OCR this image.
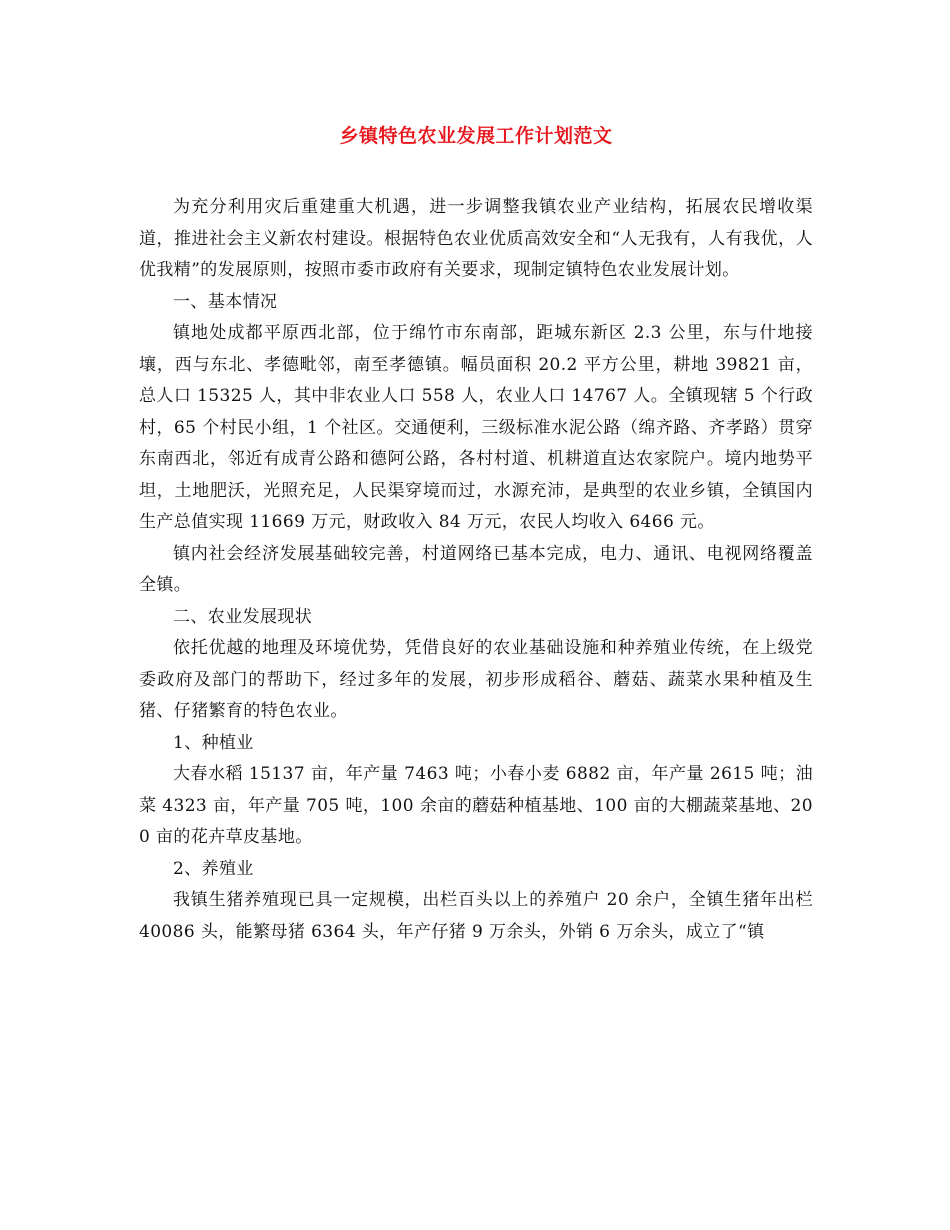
乡镇特色农业发展工作计划范文

为充分利用灾后重建重大机遇，进一步调整我镇农业产业结构，拓展农民增收渠道，推进社会主义新农村建设。根据特色农业优质高效安全和“人无我有，人有我优，人优我精”的发展原则，按照市委市政府有关要求，现制定镇特色农业发展计划。

一、基本情况

镇地处成都平原西北部，位于绵竹市东南部，距城东新区 2.3 公里，东与什地接壤，西与东北、孝德毗邻，南至孝德镇。幅员面积 20.2 平方公里，耕地 39821 亩，总人口 15325 人，其中非农业人口 558 人，农业人口 14767 人。全镇现辖 5 个行政村，65 个村民小组，1 个社区。交通便利，三级标准水泥公路（绵齐路、齐孝路）贯穿东南西北，邻近有成青公路和德阿公路，各村村道、机耕道直达农家院户。境内地势平坦，土地肥沃，光照充足，人民渠穿境而过，水源充沛，是典型的农业乡镇，全镇国内生产总值实现 11669 万元，财政收入 84 万元，农民人均收入 6466 元。

镇内社会经济发展基础较完善，村道网络已基本完成，电力、通讯、电视网络覆盖全镇。

二、农业发展现状

依托优越的地理及环境优势，凭借良好的农业基础设施和种养殖业传统，在上级党委政府及部门的帮助下，经过多年的发展，初步形成稻谷、蘑菇、蔬菜水果种植及生猪、仔猪繁育的特色农业。

1、种植业

大春水稻 15137 亩，年产量 7463 吨；小春小麦 6882 亩，年产量 2615 吨；油菜 4323 亩，年产量 705 吨，100 余亩的蘑菇种植基地、100 亩的大棚蔬菜基地、200 亩的花卉草皮基地。

2、养殖业

我镇生猪养殖现已具一定规模，出栏百头以上的养殖户 20 余户，全镇生猪年出栏 40086 头，能繁母猪 6364 头，年产仔猪 9 万余头，外销 6 万余头，成立了“镇
